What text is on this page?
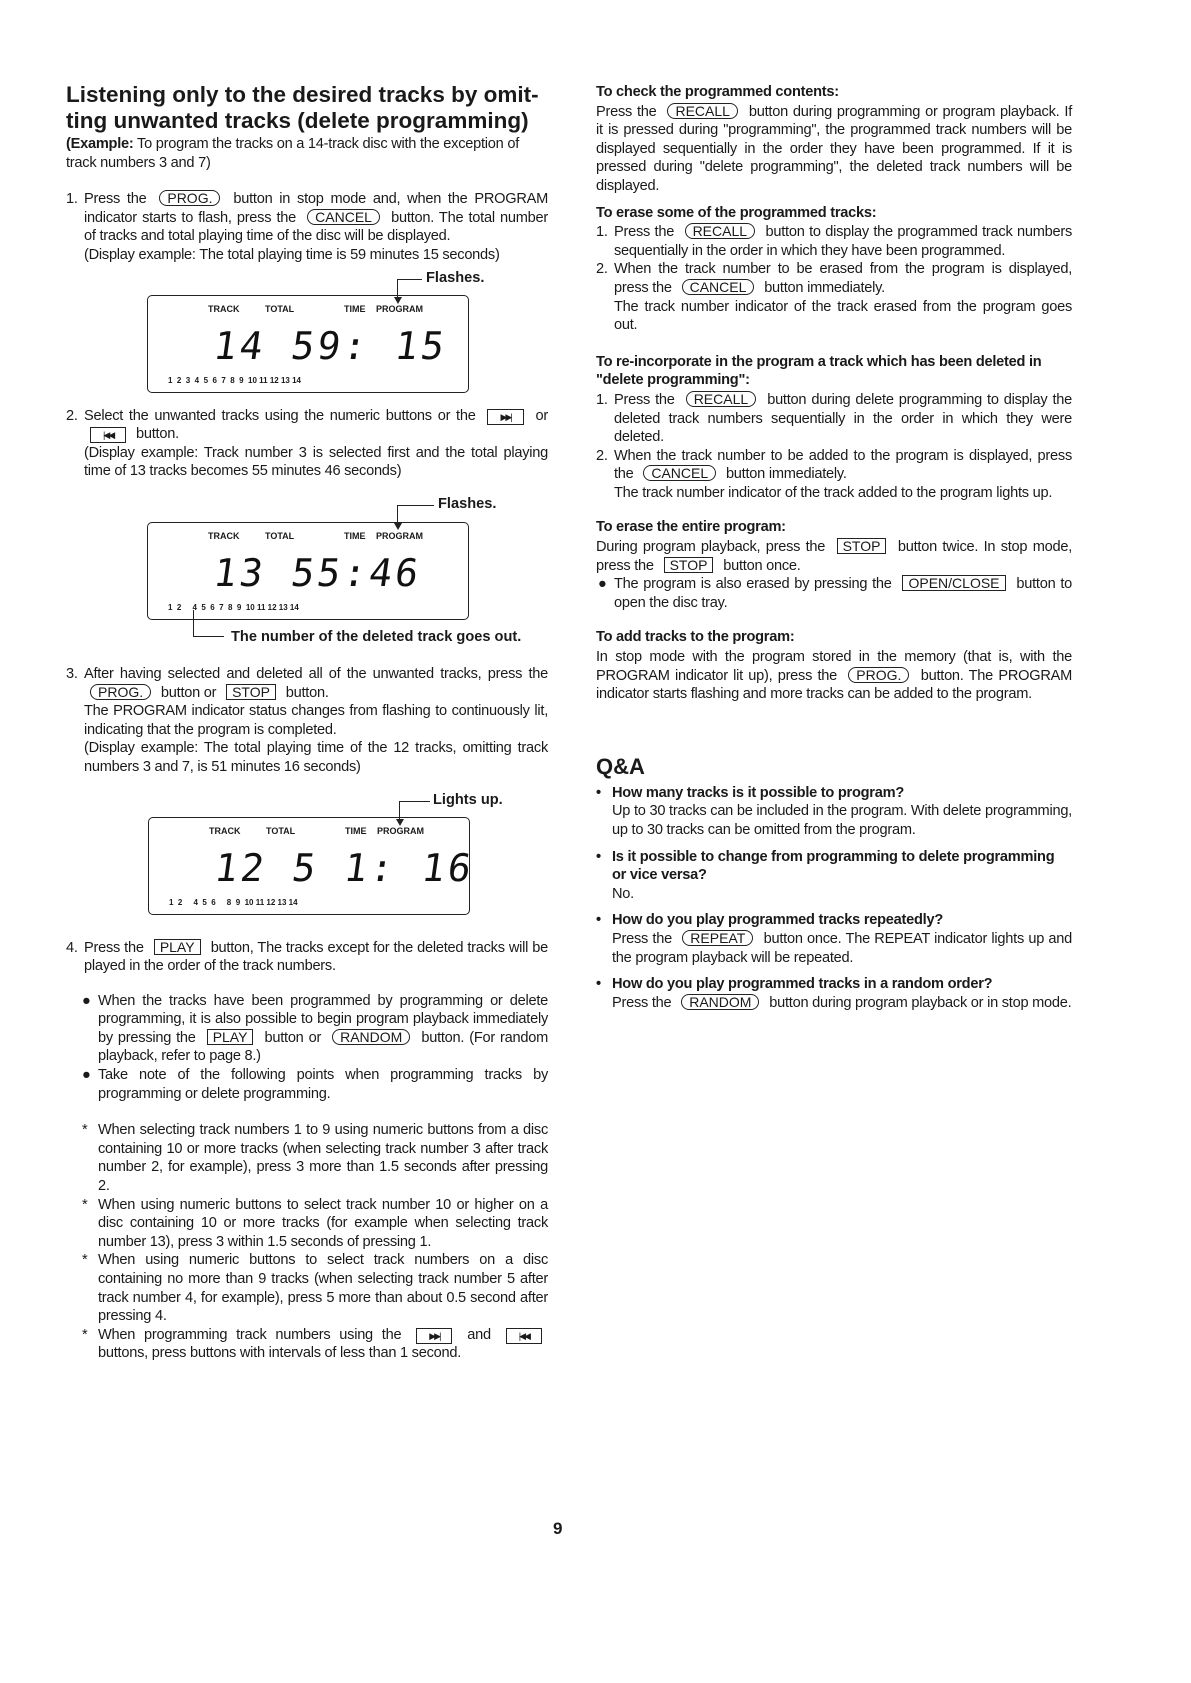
Listening only to the desired tracks by omit-
ting unwanted tracks (delete programming)
(Example: To program the tracks on a 14-track disc with the exception of track numbers 3 and 7)
1. Press the PROG. button in stop mode and, when the PROGRAM indicator starts to flash, press the CANCEL button. The total number of tracks and total playing time of the disc will be displayed.
(Display example: The total playing time is 59 minutes 15 seconds)
Flashes.
TRACK	TOTAL	TIME PROGRAM
14 59: 15
1  2  3  4  5  6  7  8  9  10 11 12 13 14
2. Select the unwanted tracks using the numeric buttons or the ▶▶| or |◀◀ button.
(Display example: Track number 3 is selected first and the total playing time of 13 tracks becomes 55 minutes 46 seconds)
Flashes.
TRACK	TOTAL	TIME PROGRAM
13 55:46
1  2     4  5  6  7  8  9  10 11 12 13 14
The number of the deleted track goes out.
3. After having selected and deleted all of the unwanted tracks, press the PROG. button or STOP button.
The PROGRAM indicator status changes from flashing to continuously lit, indicating that the program is completed.
(Display example: The total playing time of the 12 tracks, omitting track numbers 3 and 7, is 51 minutes 16 seconds)
Lights up.
TRACK	TOTAL	TIME PROGRAM
12 5 1: 16
1  2     4  5  6     8  9  10 11 12 13 14
4. Press the PLAY button, The tracks except for the deleted tracks will be played in the order of the track numbers.
● When the tracks have been programmed by programming or delete programming, it is also possible to begin program playback immediately by pressing the PLAY button or RANDOM button. (For random playback, refer to page 8.)
● Take note of the following points when programming tracks by programming or delete programming.
* When selecting track numbers 1 to 9 using numeric buttons from a disc containing 10 or more tracks (when selecting track number 3 after track number 2, for example), press 3 more than 1.5 seconds after pressing 2.
* When using numeric buttons to select track number 10 or higher on a disc containing 10 or more tracks (for example when selecting track number 13), press 3 within 1.5 seconds of pressing 1.
* When using numeric buttons to select track numbers on a disc containing no more than 9 tracks (when selecting track number 5 after track number 4, for example), press 5 more than about 0.5 second after pressing 4.
* When programming track numbers using the ▶▶| and |◀◀ buttons, press buttons with intervals of less than 1 second.
To check the programmed contents:
Press the RECALL button during programming or program playback. If it is pressed during "programming", the programmed track numbers will be displayed sequentially in the order they have been programmed. If it is pressed during "delete programming", the deleted track numbers will be displayed.
To erase some of the programmed tracks:
1. Press the RECALL button to display the programmed track numbers sequentially in the order in which they have been programmed.
2. When the track number to be erased from the program is displayed, press the CANCEL button immediately.
The track number indicator of the track erased from the program goes out.
To re-incorporate in the program a track which has been deleted in "delete programming":
1. Press the RECALL button during delete programming to display the deleted track numbers sequentially in the order in which they were deleted.
2. When the track number to be added to the program is displayed, press the CANCEL button immediately.
The track number indicator of the track added to the program lights up.
To erase the entire program:
During program playback, press the STOP button twice. In stop mode, press the STOP button once.
● The program is also erased by pressing the OPEN/CLOSE button to open the disc tray.
To add tracks to the program:
In stop mode with the program stored in the memory (that is, with the PROGRAM indicator lit up), press the PROG. button. The PROGRAM indicator starts flashing and more tracks can be added to the program.
Q&A
• How many tracks is it possible to program?
Up to 30 tracks can be included in the program. With delete programming, up to 30 tracks can be omitted from the program.
• Is it possible to change from programming to delete programming or vice versa?
No.
• How do you play programmed tracks repeatedly?
Press the REPEAT button once. The REPEAT indicator lights up and the program playback will be repeated.
• How do you play programmed tracks in a random order?
Press the RANDOM button during program playback or in stop mode.
9
